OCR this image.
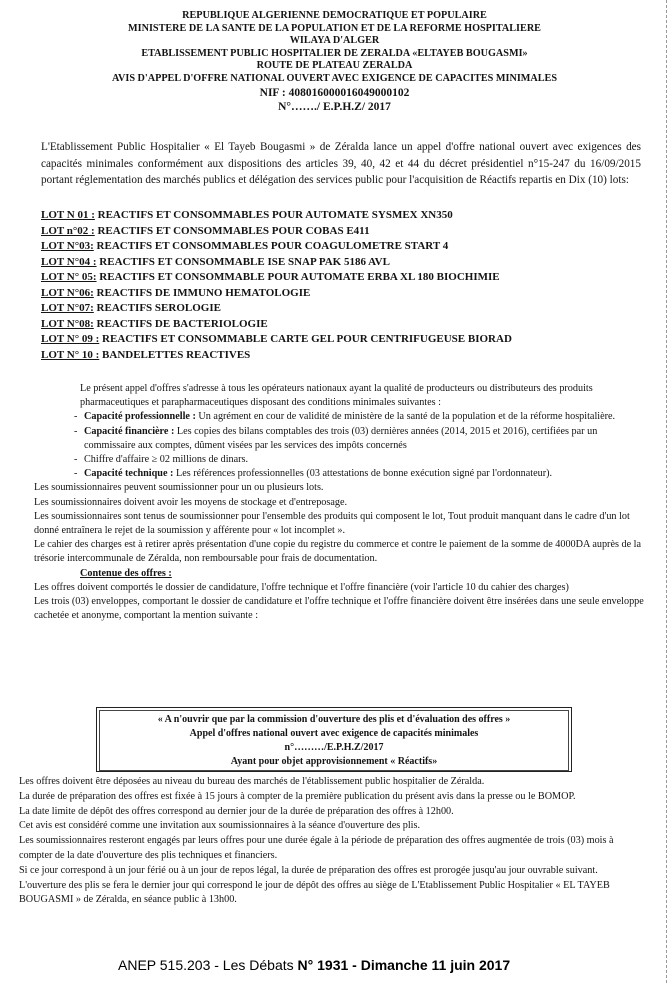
REPUBLIQUE ALGERIENNE DEMOCRATIQUE ET POPULAIRE

MINISTERE DE LA SANTE DE LA POPULATION ET DE LA REFORME HOSPITALIERE

WILAYA D'ALGER

ETABLISSEMENT PUBLIC HOSPITALIER DE ZERALDA «ELTAYEB BOUGASMI»

ROUTE DE PLATEAU ZERALDA

AVIS D'APPEL D'OFFRE NATIONAL OUVERT AVEC EXIGENCE DE CAPACITES MINIMALES

NIF : 408016000016049000102

N°……./ E.P.H.Z/ 2017

L'Etablissement Public Hospitalier « El Tayeb Bougasmi » de Zéralda lance un appel d'offre national ouvert avec exigences des capacités minimales conformément aux dispositions des articles 39, 40, 42 et 44 du décret présidentiel n°15-247 du 16/09/2015 portant réglementation des marchés publics et délégation des services public pour l'acquisition de Réactifs repartis en Dix (10) lots:

LOT N 01 : REACTIFS ET CONSOMMABLES POUR AUTOMATE SYSMEX XN350
LOT n°02 : REACTIFS ET CONSOMMABLES POUR COBAS E411
LOT N°03: REACTIFS ET CONSOMMABLES POUR COAGULOMETRE START 4
LOT N°04 : REACTIFS ET CONSOMMABLE ISE SNAP PAK 5186 AVL
LOT N° 05: REACTIFS ET CONSOMMABLE POUR AUTOMATE ERBA XL 180 BIOCHIMIE
LOT N°06: REACTIFS DE IMMUNO HEMATOLOGIE
LOT N°07: REACTIFS SEROLOGIE
LOT N°08: REACTIFS DE BACTERIOLOGIE
LOT N° 09 : REACTIFS ET CONSOMMABLE CARTE GEL POUR CENTRIFUGEUSE BIORAD
LOT N° 10 : BANDELETTES REACTIVES

Le présent appel d'offres s'adresse à tous les opérateurs nationaux ayant la qualité de producteurs ou distributeurs des produits pharmaceutiques et parapharmaceutiques disposant des conditions minimales suivantes :

- Capacité professionnelle : Un agrément en cour de validité de ministère de la santé de la population et de la réforme hospitalière.

- Capacité financière : Les copies des bilans comptables des trois (03) dernières années (2014, 2015 et 2016), certifiées par un commissaire aux comptes, dûment visées par les services des impôts concernés

- Chiffre d'affaire ≥ 02 millions de dinars.

- Capacité technique : Les références professionnelles (03 attestations de bonne exécution signé par l'ordonnateur).

Les soumissionnaires peuvent soumissionner pour un ou plusieurs lots.

Les soumissionnaires doivent avoir les moyens de stockage et d'entreposage.

Les soumissionnaires sont tenus de soumissionner pour l'ensemble des produits qui composent le lot, Tout produit manquant dans le cadre d'un lot donné entraînera le rejet de la soumission y afférente pour « lot incomplet ».

Le cahier des charges est à retirer après présentation d'une copie du registre du commerce et contre le paiement de la somme de 4000DA auprès de la trésorie intercommunale de Zéralda, non remboursable pour frais de documentation.

Contenue des offres :

Les offres doivent comportés le dossier de candidature, l'offre technique et l'offre financière (voir l'article 10 du cahier des charges)

Les trois (03) enveloppes, comportant le dossier de candidature et l'offre technique et l'offre financière doivent être insérées dans une seule enveloppe cachetée et anonyme, comportant la mention suivante :

« A n'ouvrir que par la commission d'ouverture des plis et d'évaluation des offres »
Appel d'offres national ouvert avec exigence de capacités minimales
n°………/E.P.H.Z/2017
Ayant pour objet approvisionnement « Réactifs»

Les offres doivent être déposées au niveau du bureau des marchés de l'établissement public hospitalier de Zéralda.

La durée de préparation des offres est fixée à 15 jours à compter de la première publication du présent avis dans la presse ou le BOMOP.

La date limite de dépôt des offres correspond au dernier jour de la durée de préparation des offres à 12h00.

Cet avis est considéré comme une invitation aux soumissionnaires à la séance d'ouverture des plis.

Les soumissionnaires resteront engagés par leurs offres pour une durée égale à la période de préparation des offres augmentée de trois (03) mois à compter de la date d'ouverture des plis techniques et financiers.

Si ce jour correspond à un jour férié ou à un jour de repos légal, la durée de préparation des offres est prorogée jusqu'au jour ouvrable suivant.

L'ouverture des plis se fera le dernier jour qui correspond le jour de dépôt des offres au siège de L'Etablissement Public Hospitalier « EL TAYEB BOUGASMI » de Zéralda, en séance public à 13h00.

ANEP 515.203 - Les Débats N° 1931 - Dimanche 11 juin 2017
